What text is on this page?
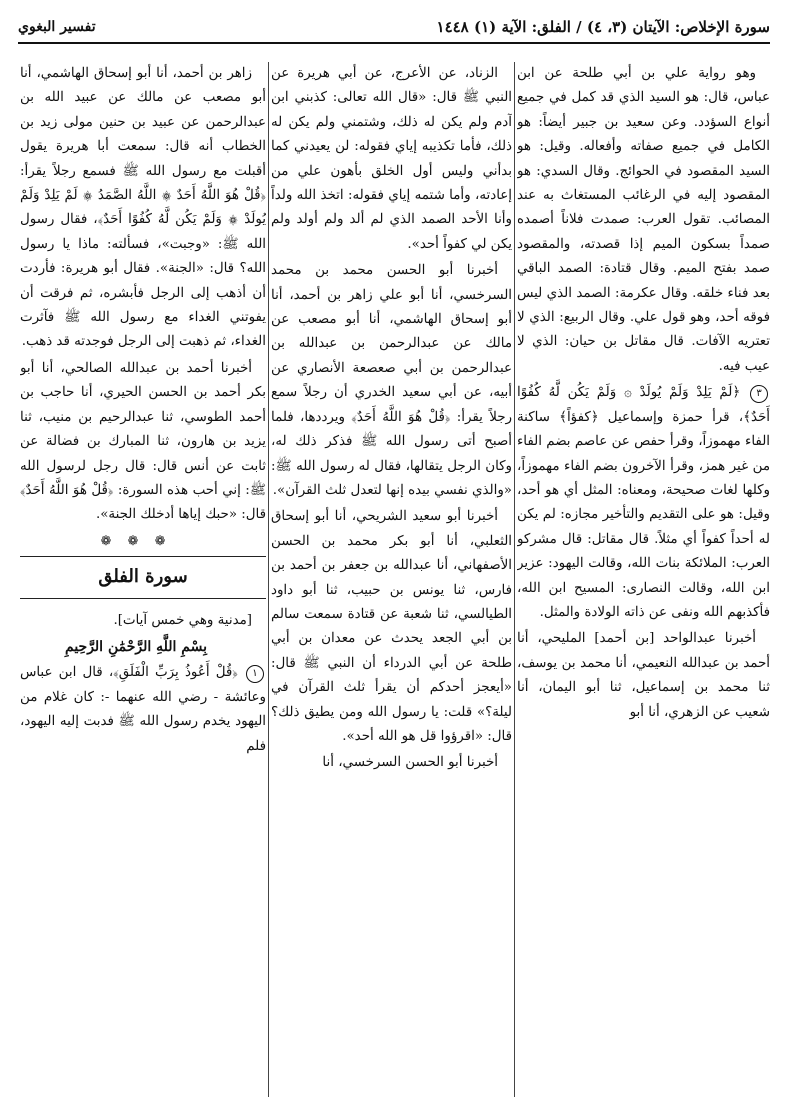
سورة الإخلاص: الآيتان (٣، ٤) / الفلق: الآية (١) ١٤٤٨
تفسير البغوي

وهو رواية علي بن أبي طلحة عن ابن عباس، قال: هو السيد الذي قد كمل في جميع أنواع السؤدد. وعن سعيد بن جبير أيضاً: هو الكامل في جميع صفاته وأفعاله. وقيل: هو السيد المقصود في الحوائج. وقال السدي: هو المقصود إليه في الرغائب المستغاث به عند المصائب. تقول العرب: صمدت فلاناً أصمده صمداً بسكون الميم إذا قصدته، والمقصود صمد بفتح الميم. وقال قتادة: الصمد الباقي بعد فناء خلقه. وقال عكرمة: الصمد الذي ليس فوقه أحد، وهو قول علي. وقال الربيع: الذي لا تعتريه الآفات. قال مقاتل بن حيان: الذي لا عيب فيه.

٣ ﴿لَمْ يَلِدْ وَلَمْ يُولَدْ ۞ وَلَمْ يَكُن لَّهُ كُفُوًا أَحَدٌ﴾، قرأ حمزة وإسماعيل ﴿كفؤاً﴾ ساكنة الفاء مهموزاً، وقرأ حفص عن عاصم بضم الفاء من غير همز، وقرأ الآخرون بضم الفاء مهموزاً، وكلها لغات صحيحة، ومعناه: المثل أي هو أحد، وقيل: هو على التقديم والتأخير مجازه: لم يكن له أحداً كفواً أي مثلاً. قال مقاتل: قال مشركو العرب: الملائكة بنات الله، وقالت اليهود: عزير ابن الله، وقالت النصارى: المسيح ابن الله، فأكذبهم الله ونفى عن ذاته الولادة والمثل.

أخبرنا عبدالواحد [بن أحمد] المليحي، أنا أحمد بن عبدالله النعيمي، أنا محمد بن يوسف، ثنا محمد بن إسماعيل، ثنا أبو اليمان، أنا شعيب عن الزهري، أنا أبو

الزناد، عن الأعرج، عن أبي هريرة عن النبي ﷺ قال: «قال الله تعالى: كذبني ابن آدم ولم يكن له ذلك، وشتمني ولم يكن له ذلك، فأما تكذيبه إياي فقوله: لن يعيدني كما بدأني وليس أول الخلق بأهون علي من إعادته، وأما شتمه إياي فقوله: اتخذ الله ولداً وأنا الأحد الصمد الذي لم ألد ولم أولد ولم يكن لي كفواً أحد».

أخبرنا أبو الحسن محمد بن محمد السرخسي، أنا أبو علي زاهر بن أحمد، أنا أبو إسحاق الهاشمي، أنا أبو مصعب عن مالك عن عبدالرحمن بن عبدالله بن عبدالرحمن بن أبي صعصعة الأنصاري عن أبيه، عن أبي سعيد الخدري أن رجلاً سمع رجلاً يقرأ: ﴿قُلْ هُوَ اللَّهُ أَحَدٌ﴾ ويرددها، فلما أصبح أتى رسول الله ﷺ فذكر ذلك له، وكان الرجل يتقالها، فقال له رسول الله ﷺ: «والذي نفسي بيده إنها لتعدل ثلث القرآن».

أخبرنا أبو سعيد الشريحي، أنا أبو إسحاق الثعلبي، أنا أبو بكر محمد بن الحسن الأصفهاني، أنا عبدالله بن جعفر بن أحمد بن فارس، ثنا يونس بن حبيب، ثنا أبو داود الطيالسي، ثنا شعبة عن قتادة سمعت سالم بن أبي الجعد يحدث عن معدان بن أبي طلحة عن أبي الدرداء أن النبي ﷺ قال: «أيعجز أحدكم أن يقرأ ثلث القرآن في ليلة؟» قلت: يا رسول الله ومن يطيق ذلك؟ قال: «اقرؤوا قل هو الله أحد».

أخبرنا أبو الحسن السرخسي، أنا

زاهر بن أحمد، أنا أبو إسحاق الهاشمي، أنا أبو مصعب عن مالك عن عبيد الله بن عبدالرحمن عن عبيد بن حنين مولى زيد بن الخطاب أنه قال: سمعت أبا هريرة يقول أقبلت مع رسول الله ﷺ فسمع رجلاً يقرأ: ﴿قُلْ هُوَ اللَّهُ أَحَدٌ ۞ اللَّهُ الصَّمَدُ ۞ لَمْ يَلِدْ وَلَمْ يُولَدْ ۞ وَلَمْ يَكُن لَّهُ كُفُوًا أَحَدٌ﴾، فقال رسول الله ﷺ: «وجبت»، فسألته: ماذا يا رسول الله؟ قال: «الجنة». فقال أبو هريرة: فأردت أن أذهب إلى الرجل فأبشره، ثم فرقت أن يفوتني الغداء مع رسول الله ﷺ فآثرت الغداء، ثم ذهبت إلى الرجل فوجدته قد ذهب.

أخبرنا أحمد بن عبدالله الصالحي، أنا أبو بكر أحمد بن الحسن الحيري، أنا حاجب بن أحمد الطوسي، ثنا عبدالرحيم بن منيب، ثنا يزيد بن هارون، ثنا المبارك بن فضالة عن ثابت عن أنس قال: قال رجل لرسول الله ﷺ: إني أحب هذه السورة: ﴿قُلْ هُوَ اللَّهُ أَحَدٌ﴾ قال: «حبك إياها أدخلك الجنة».

❁ ❁ ❁

سورة الفلق

[مدنية وهي خمس آيات].

بِسْمِ اللَّهِ الرَّحْمَٰنِ الرَّحِيمِ

١ ﴿قُلْ أَعُوذُ بِرَبِّ الْفَلَقِ﴾، قال ابن عباس وعائشة - رضي الله عنهما -: كان غلام من اليهود يخدم رسول الله ﷺ فدبت إليه اليهود، فلم
